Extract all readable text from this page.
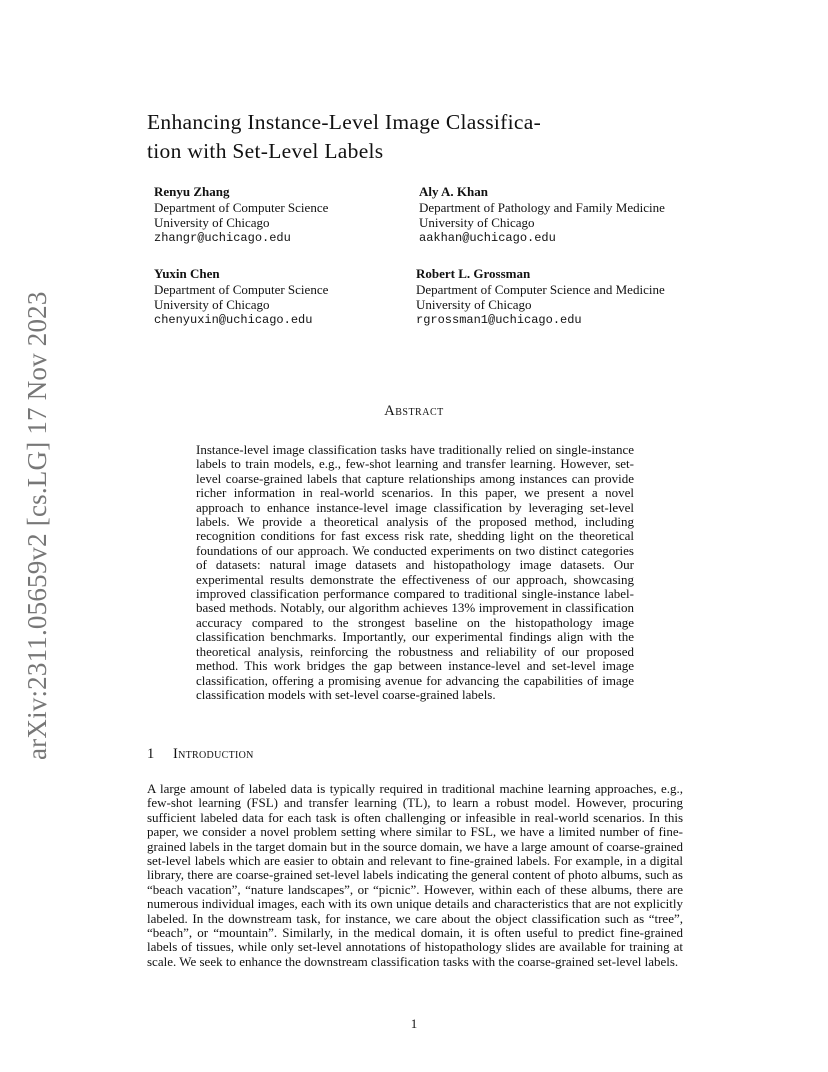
arXiv:2311.05659v2 [cs.LG] 17 Nov 2023
Enhancing Instance-Level Image Classifica-
tion with Set-Level Labels
Renyu Zhang
Department of Computer Science
University of Chicago
zhangr@uchicago.edu
Aly A. Khan
Department of Pathology and Family Medicine
University of Chicago
aakhan@uchicago.edu
Yuxin Chen
Department of Computer Science
University of Chicago
chenyuxin@uchicago.edu
Robert L. Grossman
Department of Computer Science and Medicine
University of Chicago
rgrossman1@uchicago.edu
Abstract
Instance-level image classification tasks have traditionally relied on single-instance labels to train models, e.g., few-shot learning and transfer learning. However, set-level coarse-grained labels that capture relationships among instances can provide richer information in real-world scenarios. In this paper, we present a novel approach to enhance instance-level image classification by leveraging set-level labels. We provide a theoretical analysis of the proposed method, including recognition conditions for fast excess risk rate, shedding light on the theoretical foundations of our approach. We conducted experiments on two distinct categories of datasets: natural image datasets and histopathology image datasets. Our experimental results demonstrate the effectiveness of our approach, showcasing improved classification performance compared to traditional single-instance label-based methods. Notably, our algorithm achieves 13% improvement in classification accuracy compared to the strongest baseline on the histopathology image classification benchmarks. Importantly, our experimental findings align with the theoretical analysis, reinforcing the robustness and reliability of our proposed method. This work bridges the gap between instance-level and set-level image classification, offering a promising avenue for advancing the capabilities of image classification models with set-level coarse-grained labels.
1 Introduction
A large amount of labeled data is typically required in traditional machine learning approaches, e.g., few-shot learning (FSL) and transfer learning (TL), to learn a robust model. However, procuring sufficient labeled data for each task is often challenging or infeasible in real-world scenarios. In this paper, we consider a novel problem setting where similar to FSL, we have a limited number of fine-grained labels in the target domain but in the source domain, we have a large amount of coarse-grained set-level labels which are easier to obtain and relevant to fine-grained labels. For example, in a digital library, there are coarse-grained set-level labels indicating the general content of photo albums, such as “beach vacation”, “nature landscapes”, or “picnic”. However, within each of these albums, there are numerous individual images, each with its own unique details and characteristics that are not explicitly labeled. In the downstream task, for instance, we care about the object classification such as “tree”, “beach”, or “mountain”. Similarly, in the medical domain, it is often useful to predict fine-grained labels of tissues, while only set-level annotations of histopathology slides are available for training at scale. We seek to enhance the downstream classification tasks with the coarse-grained set-level labels.
1
